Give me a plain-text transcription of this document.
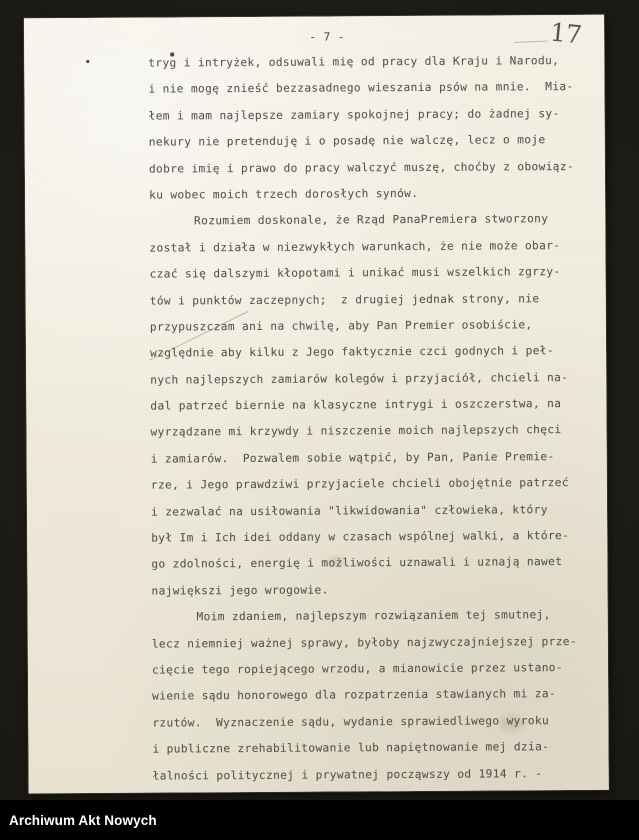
17
- 7 -
tryg i intryżek, odsuwali mię od pracy dla Kraju i Narodu,
i nie mogę znieść bezzasadnego wieszania psów na mnie.  Mia-
łem i mam najlepsze zamiary spokojnej pracy; do żadnej sy-
nekury nie pretenduję i o posadę nie walczę, lecz o moje
dobre imię i prawo do pracy walczyć muszę, choćby z obowiąz-
ku wobec moich trzech dorosłych synów.
Rozumiem doskonale, że Rząd PanaPremiera stworzony
został i działa w niezwykłych warunkach, że nie może obar-
czać się dalszymi kłopotami i unikać musi wszelkich zgrzy-
tów i punktów zaczepnych;  z drugiej jednak strony, nie
przypuszczam ani na chwilę, aby Pan Premier osobiście,
względnie aby kilku z Jego faktycznie czci godnych i peł-
nych najlepszych zamiarów kolegów i przyjaciół, chcieli na-
dal patrzeć biernie na klasyczne intrygi i oszczerstwa, na
wyrządzane mi krzywdy i niszczenie moich najlepszych chęci
i zamiarów.  Pozwalem sobie wątpić, by Pan, Panie Premie-
rze, i Jego prawdziwi przyjaciele chcieli obojętnie patrzeć
i zezwalać na usiłowania "likwidowania" człowieka, który
był Im i Ich idei oddany w czasach wspólnej walki, a które-
go zdolności, energię i możliwości uznawali i uznają nawet
największi jego wrogowie.
Moim zdaniem, najlepszym rozwiązaniem tej smutnej,
lecz niemniej ważnej sprawy, byłoby najzwyczajniejszej prze-
cięcie tego ropiejącego wrzodu, a mianowicie przez ustano-
wienie sądu honorowego dla rozpatrzenia stawianych mi za-
rzutów.  Wyznaczenie sądu, wydanie sprawiedliwego wyroku
i publiczne zrehabilitowanie lub napiętnowanie mej dzia-
łalności politycznej i prywatnej począwszy od 1914 r. -
Archiwum Akt Nowych
